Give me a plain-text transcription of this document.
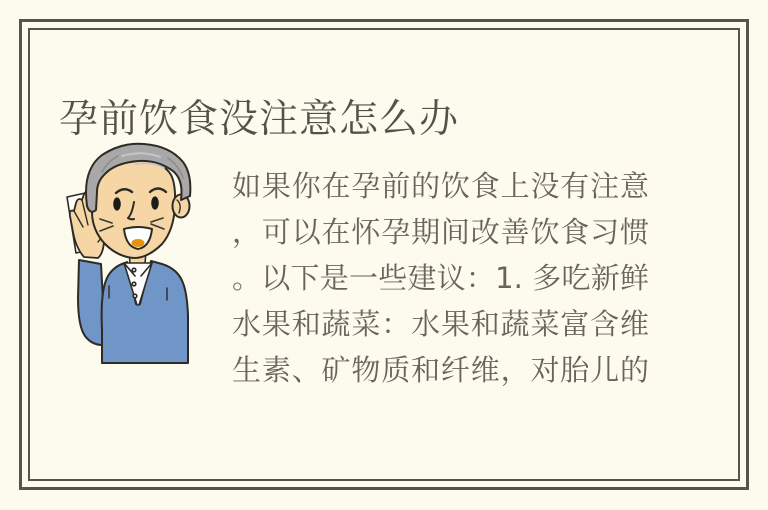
孕前饮食没注意怎么办
如果你在孕前的饮食上没有注意
，可以在怀孕期间改善饮食习惯
。以下是一些建议：1. 多吃新鲜
水果和蔬菜：水果和蔬菜富含维
生素、矿物质和纤维，对胎儿的
